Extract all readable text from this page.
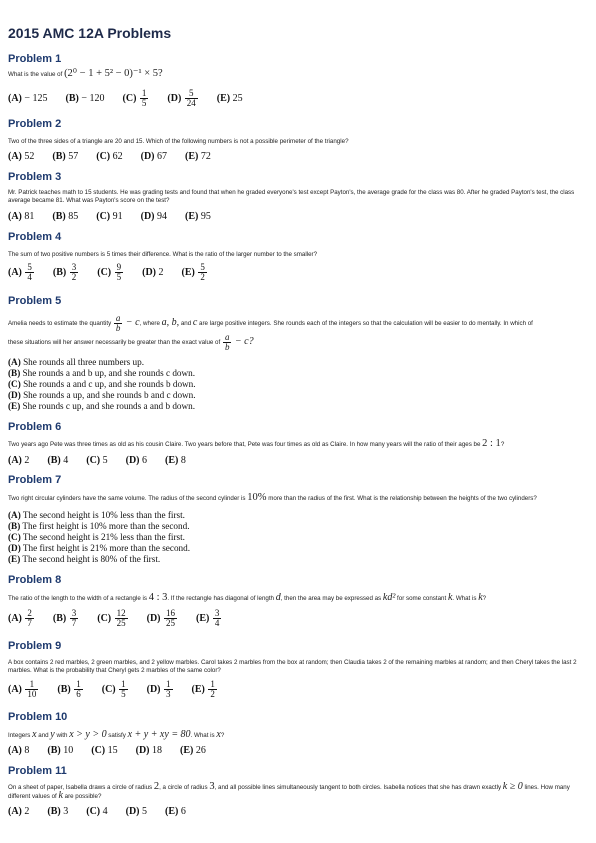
2015 AMC 12A Problems
Problem 1
What is the value of (2⁰ − 1 + 5² − 0)⁻¹ × 5?
(A) − 125 (B) − 120 $(C) \frac{1}{5} (D) \frac{5}{24} (E)$ 25
Problem 2
Two of the three sides of a triangle are 20 and 15. Which of the following numbers is not a possible perimeter of the triangle?
(A) 52 (B) 57 (C) 62 (D) 67 (E) 72
Problem 3
Mr. Patrick teaches math to 15 students. He was grading tests and found that when he graded everyone's test except Payton's, the average grade for the class was 80. After he graded Payton's test, the class average became 81. What was Payton's score on the test?
(A) 81 (B) 85 (C) 91 (D) 94 (E) 95
Problem 4
The sum of two positive numbers is 5 times their difference. What is the ratio of the larger number to the smaller?
$(A) \frac{5}{4} (B) \frac{3}{2} (C) \frac{9}{5} (D)$ 2 $(E) \frac{5}{2}$
Problem 5
Amelia needs to estimate the quantity $\frac{a}{b} - c$, where a, b, and c are large positive integers. She rounds each of the integers so that the calculation will be easier to do mentally. In which of
these situations will her answer necessarily be greater than the exact value of $\frac{a}{b} - c$?
(A) She rounds all three numbers up.
(B) She rounds a and b up, and she rounds c down.
(C) She rounds a and c up, and she rounds b down.
(D) She rounds a up, and she rounds b and c down.
(E) She rounds c up, and she rounds a and b down.
Problem 6
Two years ago Pete was three times as old as his cousin Claire. Two years before that, Pete was four times as old as Claire. In how many years will the ratio of their ages be 2 : 1?
(A) 2 (B) 4 (C) 5 (D) 6 (E) 8
Problem 7
Two right circular cylinders have the same volume. The radius of the second cylinder is 10% more than the radius of the first. What is the relationship between the heights of the two cylinders?
(A) The second height is 10% less than the first.
(B) The first height is 10% more than the second.
(C) The second height is 21% less than the first.
(D) The first height is 21% more than the second.
(E) The second height is 80% of the first.
Problem 8
The ratio of the length to the width of a rectangle is 4 : 3. If the rectangle has diagonal of length d, then the area may be expressed as kd² for some constant k. What is k?
$(A) \frac{2}{7} (B) \frac{3}{7} (C) \frac{12}{25} (D) \frac{16}{25} (E) \frac{3}{4}$
Problem 9
A box contains 2 red marbles, 2 green marbles, and 2 yellow marbles. Carol takes 2 marbles from the box at random; then Claudia takes 2 of the remaining marbles at random; and then Cheryl takes the last 2 marbles. What is the probability that Cheryl gets 2 marbles of the same color?
$(A) \frac{1}{10} (B) \frac{1}{6} (C) \frac{1}{5} (D) \frac{1}{3} (E) \frac{1}{2}$
Problem 10
Integers x and y with x > y > 0 satisfy x + y + xy = 80. What is x?
(A) 8 (B) 10 (C) 15 (D) 18 (E) 26
Problem 11
On a sheet of paper, Isabella draws a circle of radius 2, a circle of radius 3, and all possible lines simultaneously tangent to both circles. Isabella notices that she has drawn exactly k ≥ 0 lines. How many different values of k are possible?
(A) 2 (B) 3 (C) 4 (D) 5 (E) 6
